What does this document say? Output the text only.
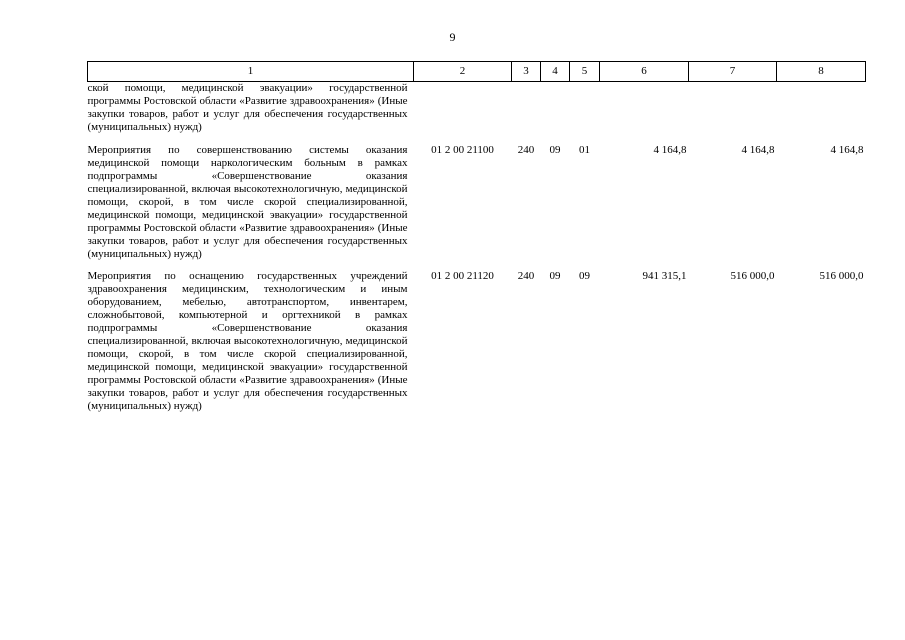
9
1	2	3	4	5	6	7	8
ской помощи, медицинской эвакуации» государственной программы Ростовской области «Развитие здравоохранения» (Иные закупки товаров, работ и услуг для обеспечения государственных (муниципальных) нужд)							
Мероприятия по совершенствованию системы оказания медицинской помощи наркологическим больным в рамках подпрограммы «Совершенствование оказания специализированной, включая высокотехнологичную, медицинской помощи, скорой, в том числе скорой специализированной, медицинской помощи, медицинской эвакуации» государственной программы Ростовской области «Развитие здравоохранения» (Иные закупки товаров, работ и услуг для обеспечения государственных (муниципальных) нужд)	01 2 00 21100	240	09	01	4 164,8	4 164,8	4 164,8
Мероприятия по оснащению государственных учреждений здравоохранения медицинским, технологическим и иным оборудованием, мебелью, автотранспортом, инвентарем, сложнобытовой, компьютерной и оргтехникой в рамках подпрограммы «Совершенствование оказания специализированной, включая высокотехнологичную, медицинской помощи, скорой, в том числе скорой специализированной, медицинской помощи, медицинской эвакуации» государственной программы Ростовской области «Развитие здравоохранения» (Иные закупки товаров, работ и услуг для обеспечения государственных (муниципальных) нужд)	01 2 00 21120	240	09	09	941 315,1	516 000,0	516 000,0
